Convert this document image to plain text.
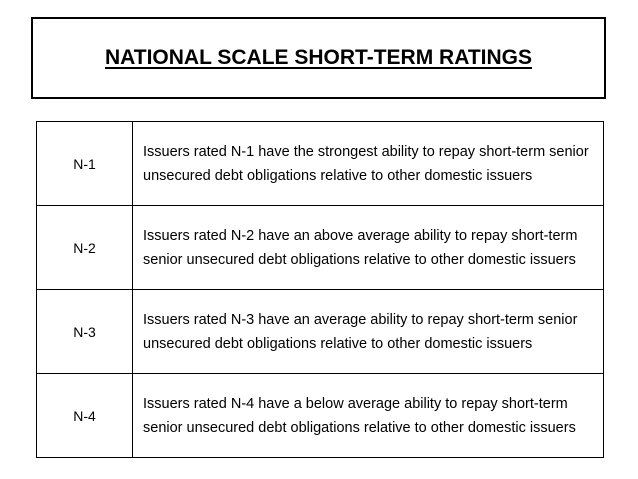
NATIONAL SCALE SHORT-TERM RATINGS
N-1	Issuers rated N-1 have the strongest ability to repay short-term senior unsecured debt obligations relative to other domestic issuers

N-2	Issuers rated N-2 have an above average ability to repay short-term senior unsecured debt obligations relative to other domestic issuers

N-3	Issuers rated N-3 have an average ability to repay short-term senior unsecured debt obligations relative to other domestic issuers

N-4	Issuers rated N-4 have a below average ability to repay short-term senior unsecured debt obligations relative to other domestic issuers
